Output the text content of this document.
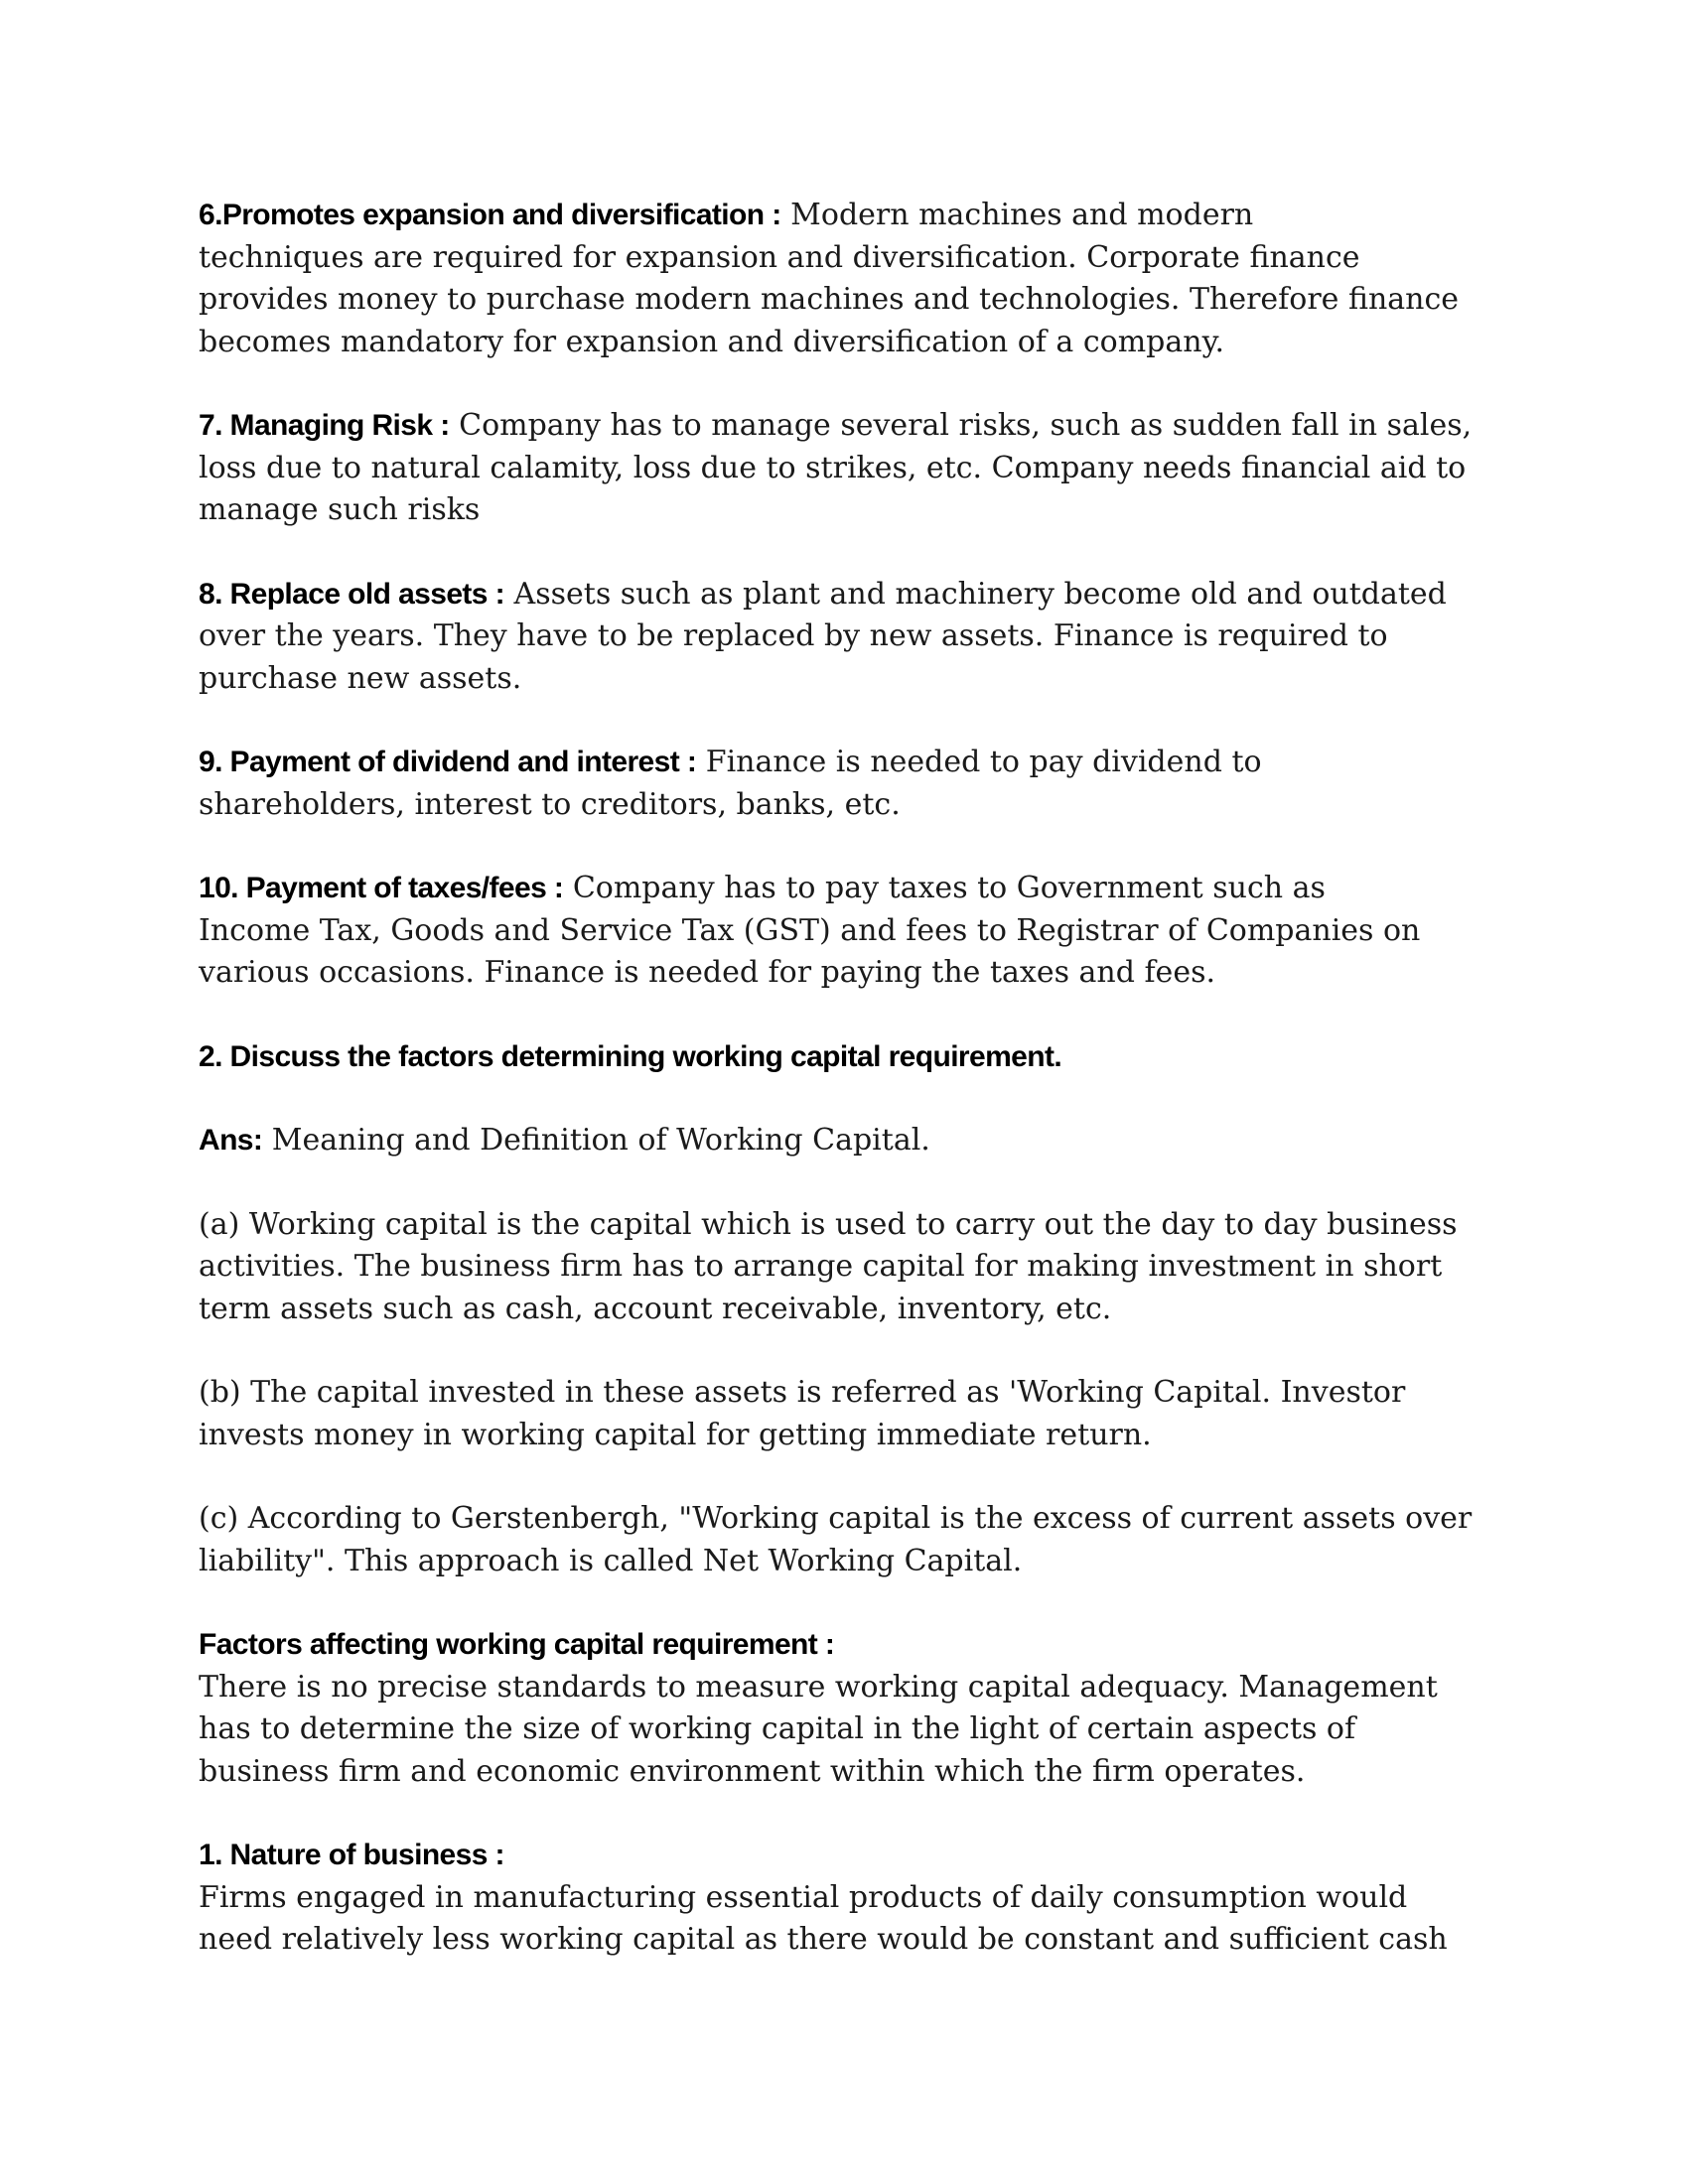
6.Promotes expansion and diversification : Modern machines and modern
techniques are required for expansion and diversification. Corporate finance
provides money to purchase modern machines and technologies. Therefore finance
becomes mandatory for expansion and diversification of a company.

7. Managing Risk : Company has to manage several risks, such as sudden fall in sales,
loss due to natural calamity, loss due to strikes, etc. Company needs financial aid to
manage such risks

8. Replace old assets : Assets such as plant and machinery become old and outdated
over the years. They have to be replaced by new assets. Finance is required to
purchase new assets.

9. Payment of dividend and interest : Finance is needed to pay dividend to
shareholders, interest to creditors, banks, etc.

10. Payment of taxes/fees : Company has to pay taxes to Government such as
Income Tax, Goods and Service Tax (GST) and fees to Registrar of Companies on
various occasions. Finance is needed for paying the taxes and fees.

2. Discuss the factors determining working capital requirement.

Ans: Meaning and Definition of Working Capital.

(a) Working capital is the capital which is used to carry out the day to day business
activities. The business firm has to arrange capital for making investment in short
term assets such as cash, account receivable, inventory, etc.

(b) The capital invested in these assets is referred as 'Working Capital. Investor
invests money in working capital for getting immediate return.

(c) According to Gerstenbergh, "Working capital is the excess of current assets over
liability". This approach is called Net Working Capital.

Factors affecting working capital requirement :
There is no precise standards to measure working capital adequacy. Management
has to determine the size of working capital in the light of certain aspects of
business firm and economic environment within which the firm operates.

1. Nature of business :
Firms engaged in manufacturing essential products of daily consumption would
need relatively less working capital as there would be constant and sufficient cash
